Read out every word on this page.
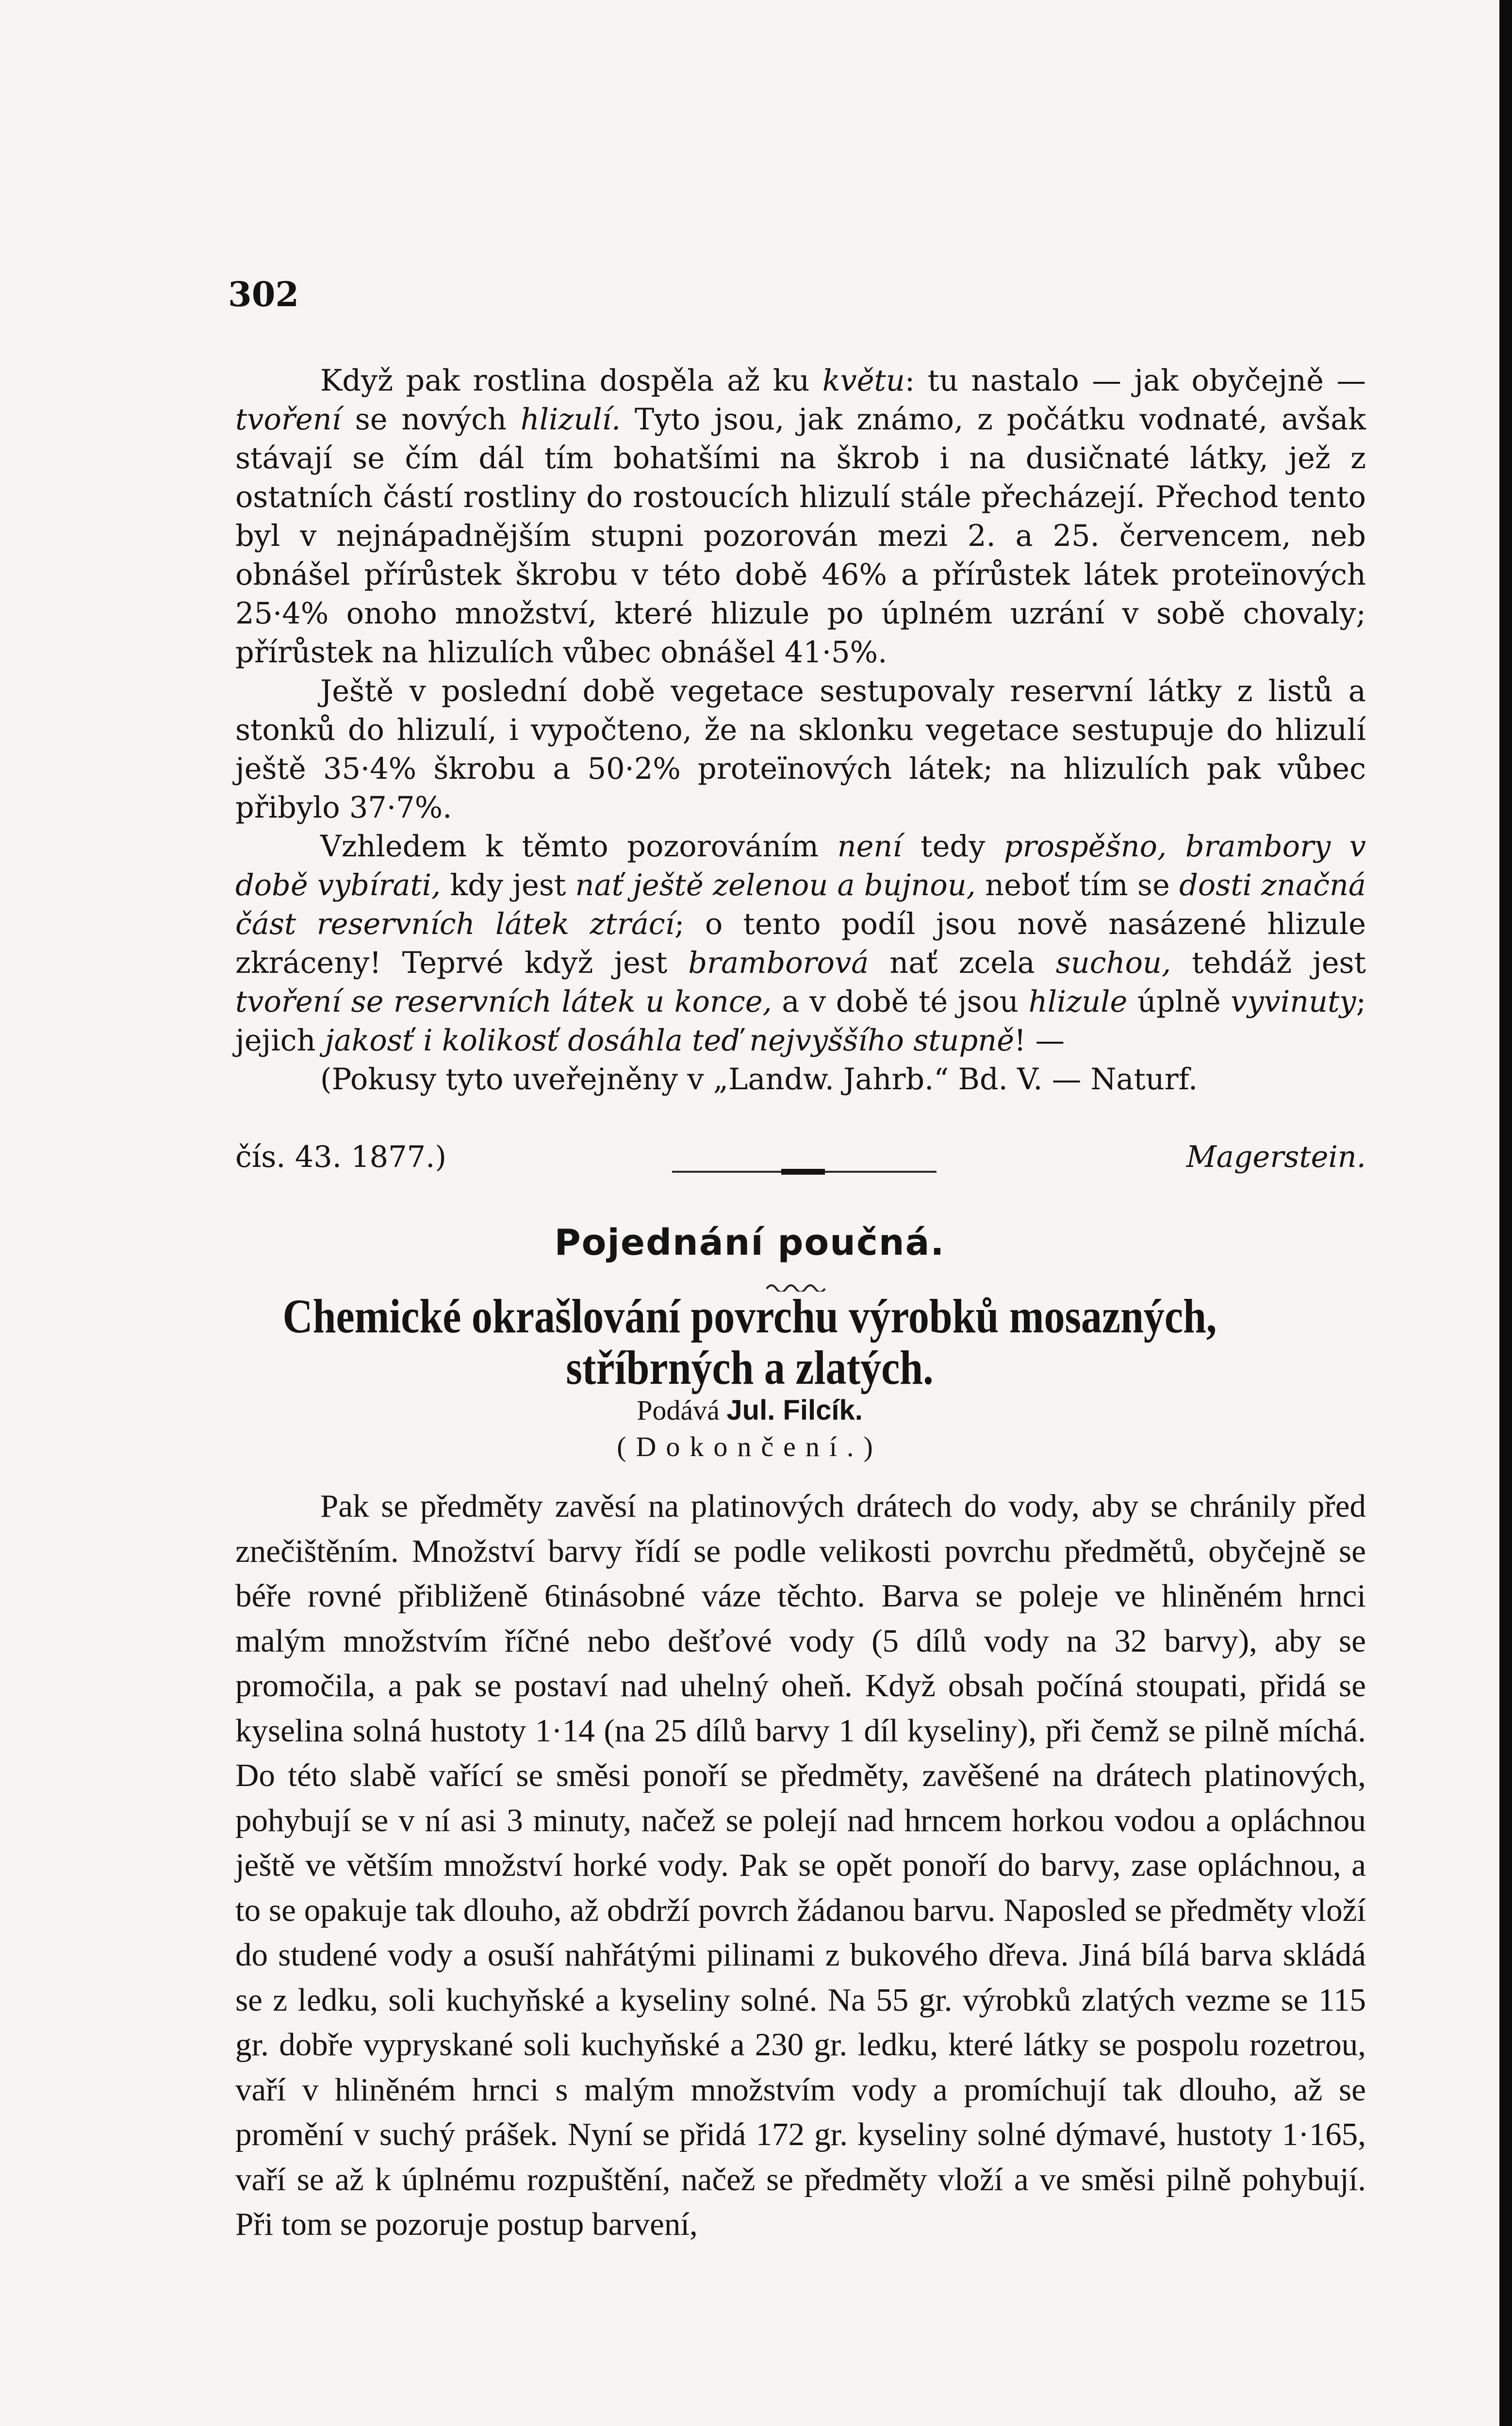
302

Když pak rostlina dospěla až ku květu: tu nastalo — jak obyčejně — tvoření se nových hlizulí. Tyto jsou, jak známo, z počátku vodnaté, avšak stávají se čím dál tím bohatšími na škrob i na dusičnaté látky, jež z ostatních částí rostliny do rostoucích hlizulí stále přecházejí. Přechod tento byl v nejnápadnějším stupni pozorován mezi 2. a 25. červencem, neb obnášel přírůstek škrobu v této době 46% a přírůstek látek proteïnových 25·4% onoho množství, které hlizule po úplném uzrání v sobě chovaly; přírůstek na hlizulích vůbec obnášel 41·5%.

Ještě v poslední době vegetace sestupovaly reservní látky z listů a stonků do hlizulí, i vypočteno, že na sklonku vegetace sestupuje do hlizulí ještě 35·4% škrobu a 50·2% proteïnových látek; na hlizulích pak vůbec přibylo 37·7%.

Vzhledem k těmto pozorováním není tedy prospěšno, brambory v době vybírati, kdy jest nať ještě zelenou a bujnou, neboť tím se dosti značná část reservních látek ztrácí; o tento podíl jsou nově nasázené hlizule zkráceny! Teprvé když jest bramborová nať zcela suchou, tehdáž jest tvoření se reservních látek u konce, a v době té jsou hlizule úplně vyvinuty; jejich jakosť i kolikosť dosáhla teď nejvyššího stupně! —

(Pokusy tyto uveřejněny v „Landw. Jahrb.“ Bd. V. — Naturf.

čís. 43. 1877.)	Magerstein.
Pojednání poučná.
Chemické okrašlování povrchu výrobků mosazných,
stříbrných a zlatých.
Podává Jul. Filcík.
(Dokončení.)

Pak se předměty zavěsí na platinových drátech do vody, aby se chránily před znečištěním. Množství barvy řídí se podle velikosti povrchu předmětů, obyčejně se béře rovné přibliženě 6tinásobné váze těchto. Barva se poleje ve hliněném hrnci malým množstvím říčné nebo dešťové vody (5 dílů vody na 32 barvy), aby se promočila, a pak se postaví nad uhelný oheň. Když obsah počíná stoupati, přidá se kyselina solná hustoty 1·14 (na 25 dílů barvy 1 díl kyseliny), při čemž se pilně míchá. Do této slabě vařící se směsi ponoří se předměty, zavěšené na drátech platinových, pohybují se v ní asi 3 minuty, načež se polejí nad hrncem horkou vodou a opláchnou ještě ve větším množství horké vody. Pak se opět ponoří do barvy, zase opláchnou, a to se opakuje tak dlouho, až obdrží povrch žádanou barvu. Naposled se předměty vloží do studené vody a osuší nahřátými pilinami z bukového dřeva. Jiná bílá barva skládá se z ledku, soli kuchyňské a kyseliny solné. Na 55 gr. výrobků zlatých vezme se 115 gr. dobře vypryskané soli kuchyňské a 230 gr. ledku, které látky se pospolu rozetrou, vaří v hliněném hrnci s malým množstvím vody a promíchují tak dlouho, až se promění v suchý prášek. Nyní se přidá 172 gr. kyseliny solné dýmavé, hustoty 1·165, vaří se až k úplnému rozpuštění, načež se předměty vloží a ve směsi pilně pohybují. Při tom se pozoruje postup barvení,
